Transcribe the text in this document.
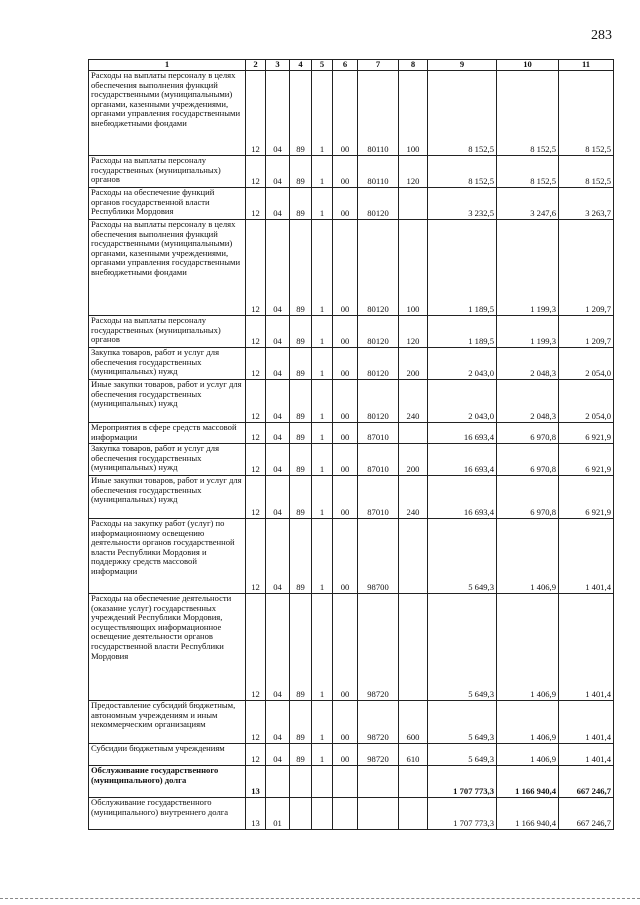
283
1	2	3	4	5	6	7	8	9	10	11
Расходы на выплаты персоналу в целях обеспечения выполнения функций государственными (муниципальными) органами, казенными учреждениями, органами управления государственными внебюджетными фондами	12	04	89	1	00	80110	100	8 152,5	8 152,5	8 152,5
Расходы на выплаты персоналу государственных (муниципальных) органов	12	04	89	1	00	80110	120	8 152,5	8 152,5	8 152,5
Расходы на обеспечение функций органов государственной власти Республики Мордовия	12	04	89	1	00	80120		3 232,5	3 247,6	3 263,7
Расходы на выплаты персоналу в целях обеспечения выполнения функций государственными (муниципальными) органами, казенными учреждениями, органами управления государственными внебюджетными фондами	12	04	89	1	00	80120	100	1 189,5	1 199,3	1 209,7
Расходы на выплаты персоналу государственных (муниципальных) органов	12	04	89	1	00	80120	120	1 189,5	1 199,3	1 209,7
Закупка товаров, работ и услуг для обеспечения государственных (муниципальных) нужд	12	04	89	1	00	80120	200	2 043,0	2 048,3	2 054,0
Иные закупки товаров, работ и услуг для обеспечения государственных (муниципальных) нужд	12	04	89	1	00	80120	240	2 043,0	2 048,3	2 054,0
Мероприятия в сфере средств массовой информации	12	04	89	1	00	87010		16 693,4	6 970,8	6 921,9
Закупка товаров, работ и услуг для обеспечения государственных (муниципальных) нужд	12	04	89	1	00	87010	200	16 693,4	6 970,8	6 921,9
Иные закупки товаров, работ и услуг для обеспечения государственных (муниципальных) нужд	12	04	89	1	00	87010	240	16 693,4	6 970,8	6 921,9
Расходы на закупку работ (услуг) по информационному освещению деятельности органов государственной власти Республики Мордовия и поддержку средств массовой информации	12	04	89	1	00	98700		5 649,3	1 406,9	1 401,4
Расходы на обеспечение деятельности (оказание услуг) государственных учреждений Республики Мордовия, осуществляющих информационное освещение деятельности органов государственной власти Республики Мордовия	12	04	89	1	00	98720		5 649,3	1 406,9	1 401,4
Предоставление субсидий бюджетным, автономным учреждениям и иным некоммерческим организациям	12	04	89	1	00	98720	600	5 649,3	1 406,9	1 401,4
Субсидии бюджетным учреждениям	12	04	89	1	00	98720	610	5 649,3	1 406,9	1 401,4
Обслуживание государственного (муниципального) долга	13							1 707 773,3	1 166 940,4	667 246,7
Обслуживание государственного (муниципального) внутреннего долга	13	01						1 707 773,3	1 166 940,4	667 246,7
